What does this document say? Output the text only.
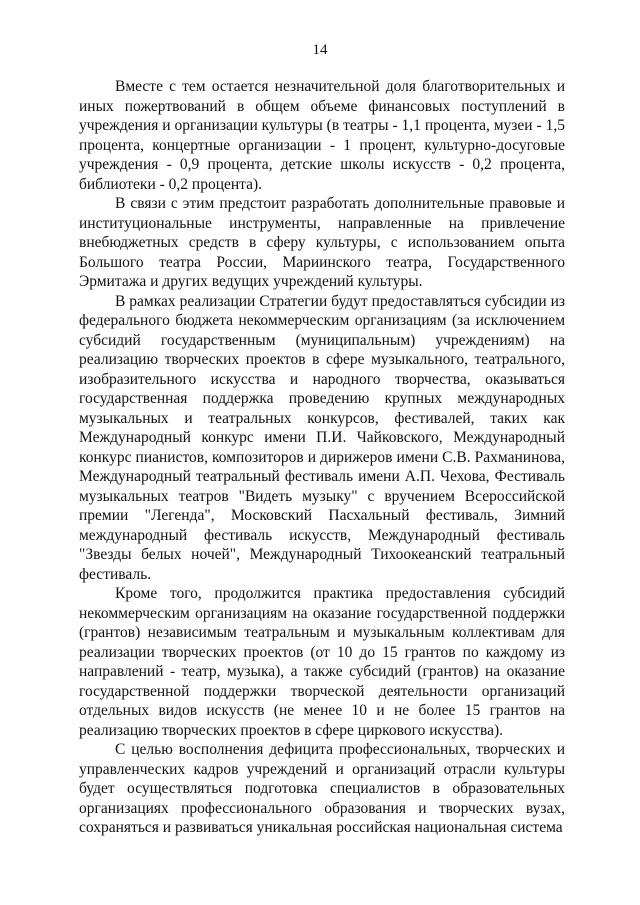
14

Вместе с тем остается незначительной доля благотворительных и иных пожертвований в общем объеме финансовых поступлений в учреждения и организации культуры (в театры - 1,1 процента, музеи - 1,5 процента, концертные организации - 1 процент, культурно-досуговые учреждения - 0,9 процента, детские школы искусств - 0,2 процента, библиотеки - 0,2 процента).

В связи с этим предстоит разработать дополнительные правовые и институциональные инструменты, направленные на привлечение внебюджетных средств в сферу культуры, с использованием опыта Большого театра России, Мариинского театра, Государственного Эрмитажа и других ведущих учреждений культуры.

В рамках реализации Стратегии будут предоставляться субсидии из федерального бюджета некоммерческим организациям (за исключением субсидий государственным (муниципальным) учреждениям) на реализацию творческих проектов в сфере музыкального, театрального, изобразительного искусства и народного творчества, оказываться государственная поддержка проведению крупных международных музыкальных и театральных конкурсов, фестивалей, таких как Международный конкурс имени П.И. Чайковского, Международный конкурс пианистов, композиторов и дирижеров имени С.В. Рахманинова, Международный театральный фестиваль имени А.П. Чехова, Фестиваль музыкальных театров "Видеть музыку" с вручением Всероссийской премии "Легенда", Московский Пасхальный фестиваль, Зимний международный фестиваль искусств, Международный фестиваль "Звезды белых ночей", Международный Тихоокеанский театральный фестиваль.

Кроме того, продолжится практика предоставления субсидий некоммерческим организациям на оказание государственной поддержки (грантов) независимым театральным и музыкальным коллективам для реализации творческих проектов (от 10 до 15 грантов по каждому из направлений - театр, музыка), а также субсидий (грантов) на оказание государственной поддержки творческой деятельности организаций отдельных видов искусств (не менее 10 и не более 15 грантов на реализацию творческих проектов в сфере циркового искусства).

С целью восполнения дефицита профессиональных, творческих и управленческих кадров учреждений и организаций отрасли культуры будет осуществляться подготовка специалистов в образовательных организациях профессионального образования и творческих вузах, сохраняться и развиваться уникальная российская национальная система
